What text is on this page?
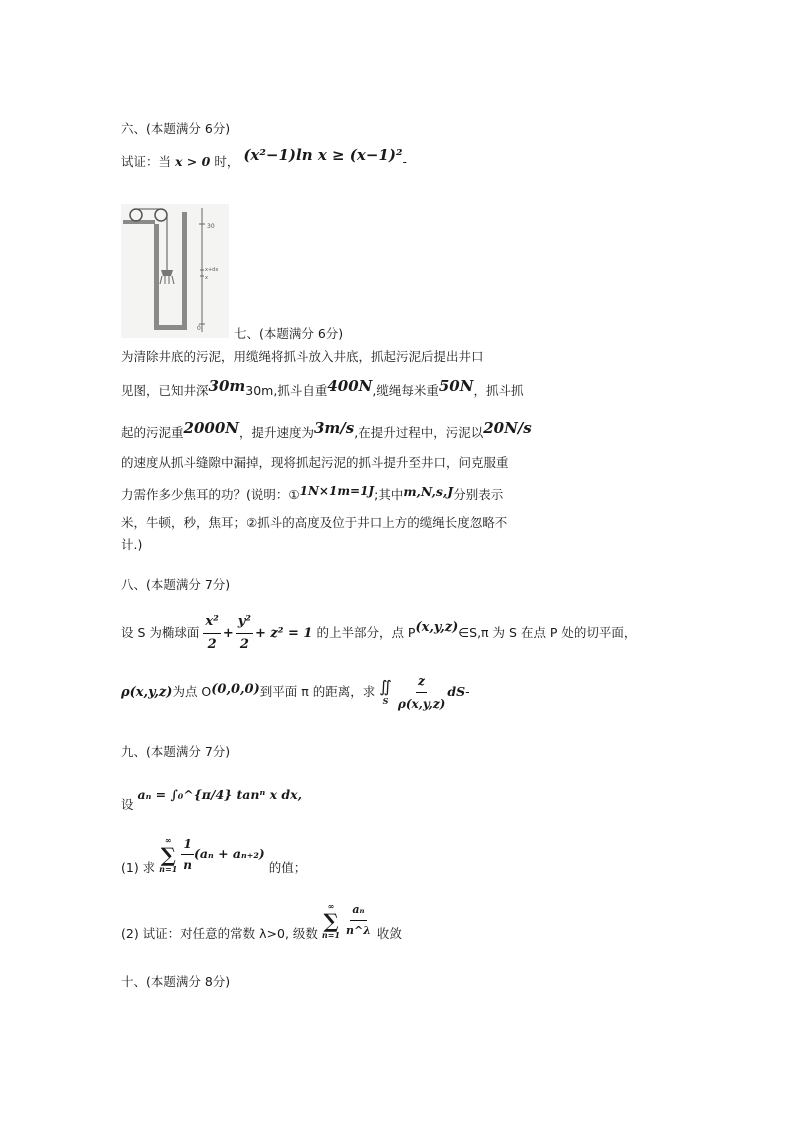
六、(本题满分 6分)
试证：当 x > 0 时， (x²−1)ln x ≥ (x−1)²-
30
x+dx
x
0	七、(本题满分 6分)
为清除井底的污泥，用缆绳将抓斗放入井底，抓起污泥后提出井口
见图，已知井深30m30m,抓斗自重400N,缆绳每米重50N，抓斗抓
起的污泥重2000N，提升速度为3m/s,在提升过程中，污泥以20N/s
的速度从抓斗缝隙中漏掉，现将抓起污泥的抓斗提升至井口，问克服重
力需作多少焦耳的功？(说明：①1N×1m=1J;其中m,N,s,J分别表示
米，牛顿，秒，焦耳；②抓斗的高度及位于井口上方的缆绳长度忽略不
计.)
八、(本题满分 7分)
设 S 为椭球面 $\frac{\text{x²}}{2} + \frac{\text{y²}}{2} + z^2 = 1$ 的上半部分，点 P(x,y,z)∈S,π 为 S 在点 P 处的切平面，
ρ(x,y,z)为点 O(0,0,0)到平面 π 的距离，求 ∬
S
$\frac{z}{\rho(x,y,z)} dS-$
九、(本题满分 7分)
设 aₙ = ∫₀^{π/4} tanⁿ x dx,
(1) 求
∞
∑
n=1
$\frac{1}{n} (a_n + a_{n+2})$ 的值；
(2) 试证：对任意的常数 λ>0, 级数
∞
∑
n=1
$\frac{\text{aₙ}}{n\^{}\lambda}$ 收敛
十、(本题满分 8分)
